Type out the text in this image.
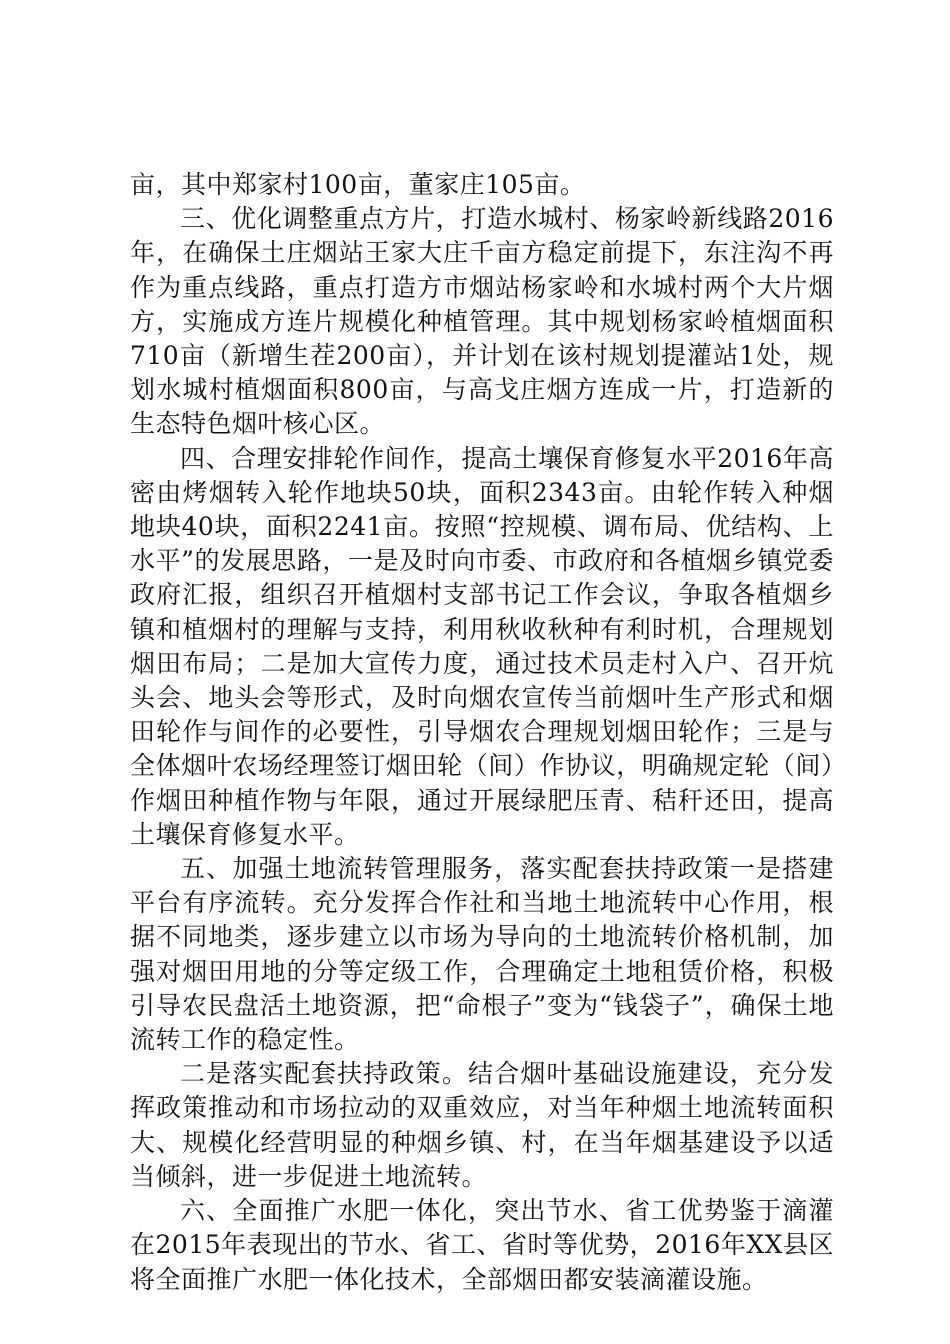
亩，其中郑家村100亩，董家庄105亩。

三、优化调整重点方片，打造水城村、杨家岭新线路2016年，在确保土庄烟站王家大庄千亩方稳定前提下，东注沟不再作为重点线路，重点打造方市烟站杨家岭和水城村两个大片烟方，实施成方连片规模化种植管理。其中规划杨家岭植烟面积710亩（新增生茬200亩），并计划在该村规划提灌站1处，规划水城村植烟面积800亩，与高戈庄烟方连成一片，打造新的生态特色烟叶核心区。

四、合理安排轮作间作，提高土壤保育修复水平2016年高密由烤烟转入轮作地块50块，面积2343亩。由轮作转入种烟地块40块，面积2241亩。按照“控规模、调布局、优结构、上水平”的发展思路，一是及时向市委、市政府和各植烟乡镇党委政府汇报，组织召开植烟村支部书记工作会议，争取各植烟乡镇和植烟村的理解与支持，利用秋收秋种有利时机，合理规划烟田布局；二是加大宣传力度，通过技术员走村入户、召开炕头会、地头会等形式，及时向烟农宣传当前烟叶生产形式和烟田轮作与间作的必要性，引导烟农合理规划烟田轮作；三是与全体烟叶农场经理签订烟田轮（间）作协议，明确规定轮（间）作烟田种植作物与年限，通过开展绿肥压青、秸秆还田，提高土壤保育修复水平。

五、加强土地流转管理服务，落实配套扶持政策一是搭建平台有序流转。充分发挥合作社和当地土地流转中心作用，根据不同地类，逐步建立以市场为导向的土地流转价格机制，加强对烟田用地的分等定级工作，合理确定土地租赁价格，积极引导农民盘活土地资源，把“命根子”变为“钱袋子”，确保土地流转工作的稳定性。

二是落实配套扶持政策。结合烟叶基础设施建设，充分发挥政策推动和市场拉动的双重效应，对当年种烟土地流转面积大、规模化经营明显的种烟乡镇、村，在当年烟基建设予以适当倾斜，进一步促进土地流转。

六、全面推广水肥一体化，突出节水、省工优势鉴于滴灌在2015年表现出的节水、省工、省时等优势，2016年XX县区将全面推广水肥一体化技术，全部烟田都安装滴灌设施。
